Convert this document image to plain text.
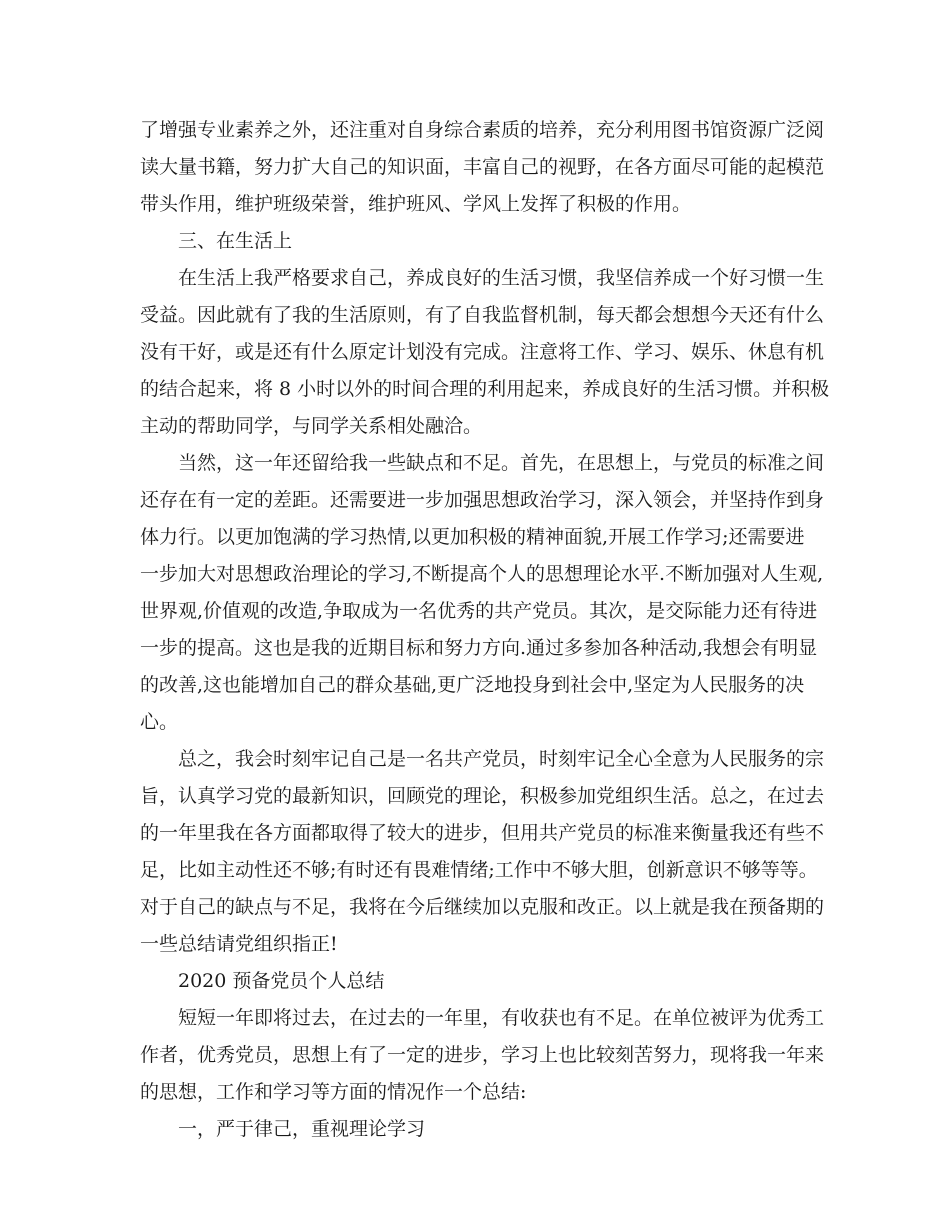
了增强专业素养之外，还注重对自身综合素质的培养，充分利用图书馆资源广泛阅
读大量书籍，努力扩大自己的知识面，丰富自己的视野，在各方面尽可能的起模范
带头作用，维护班级荣誉，维护班风、学风上发挥了积极的作用。
三、在生活上
在生活上我严格要求自己，养成良好的生活习惯，我坚信养成一个好习惯一生
受益。因此就有了我的生活原则，有了自我监督机制，每天都会想想今天还有什么
没有干好，或是还有什么原定计划没有完成。注意将工作、学习、娱乐、休息有机
的结合起来，将 8 小时以外的时间合理的利用起来，养成良好的生活习惯。并积极
主动的帮助同学，与同学关系相处融洽。
当然，这一年还留给我一些缺点和不足。首先，在思想上，与党员的标准之间
还存在有一定的差距。还需要进一步加强思想政治学习，深入领会，并坚持作到身
体力行。以更加饱满的学习热情,以更加积极的精神面貌,开展工作学习;还需要进
一步加大对思想政治理论的学习,不断提高个人的思想理论水平.不断加强对人生观,
世界观,价值观的改造,争取成为一名优秀的共产党员。其次，是交际能力还有待进
一步的提高。这也是我的近期目标和努力方向.通过多参加各种活动,我想会有明显
的改善,这也能增加自己的群众基础,更广泛地投身到社会中,坚定为人民服务的决
心。
总之，我会时刻牢记自己是一名共产党员，时刻牢记全心全意为人民服务的宗
旨，认真学习党的最新知识，回顾党的理论，积极参加党组织生活。总之，在过去
的一年里我在各方面都取得了较大的进步，但用共产党员的标准来衡量我还有些不
足，比如主动性还不够;有时还有畏难情绪;工作中不够大胆，创新意识不够等等。
对于自己的缺点与不足，我将在今后继续加以克服和改正。以上就是我在预备期的
一些总结请党组织指正!
2020 预备党员个人总结
短短一年即将过去，在过去的一年里，有收获也有不足。在单位被评为优秀工
作者，优秀党员，思想上有了一定的进步，学习上也比较刻苦努力，现将我一年来
的思想，工作和学习等方面的情况作一个总结:
一，严于律己，重视理论学习
